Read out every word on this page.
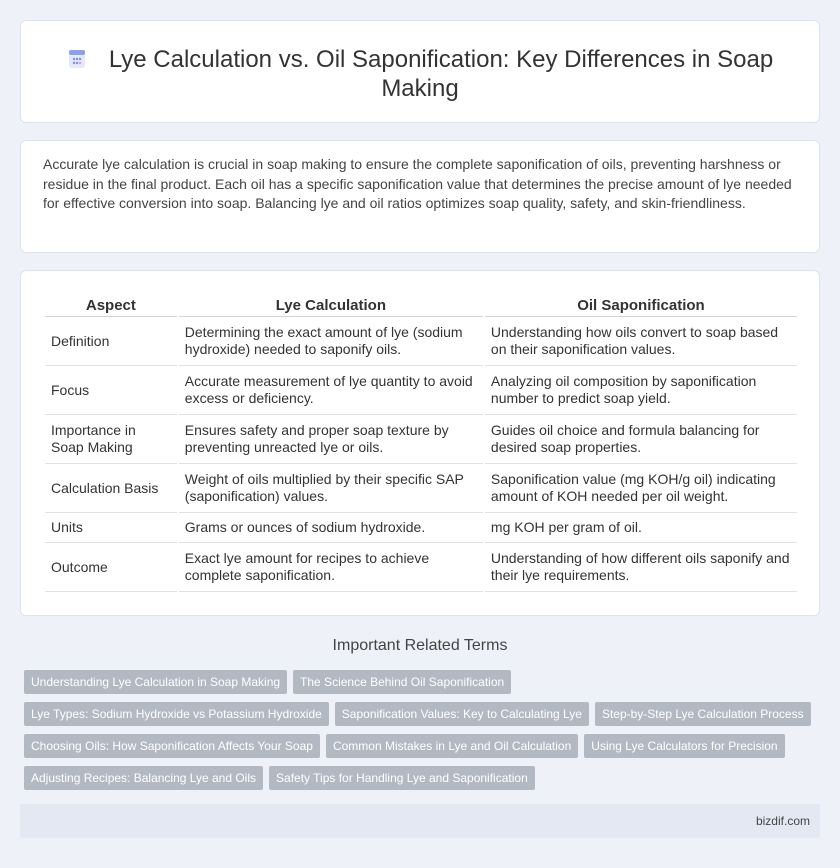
Lye Calculation vs. Oil Saponification: Key Differences in Soap Making

Accurate lye calculation is crucial in soap making to ensure the complete saponification of oils, preventing harshness or residue in the final product. Each oil has a specific saponification value that determines the precise amount of lye needed for effective conversion into soap. Balancing lye and oil ratios optimizes soap quality, safety, and skin-friendliness.

Aspect	Lye Calculation	Oil Saponification
Definition	Determining the exact amount of lye (sodium hydroxide) needed to saponify oils.	Understanding how oils convert to soap based on their saponification values.
Focus	Accurate measurement of lye quantity to avoid excess or deficiency.	Analyzing oil composition by saponification number to predict soap yield.
Importance in Soap Making	Ensures safety and proper soap texture by preventing unreacted lye or oils.	Guides oil choice and formula balancing for desired soap properties.
Calculation Basis	Weight of oils multiplied by their specific SAP (saponification) values.	Saponification value (mg KOH/g oil) indicating amount of KOH needed per oil weight.
Units	Grams or ounces of sodium hydroxide.	mg KOH per gram of oil.
Outcome	Exact lye amount for recipes to achieve complete saponification.	Understanding of how different oils saponify and their lye requirements.
Important Related Terms
Understanding Lye Calculation in Soap Making The Science Behind Oil Saponification
Lye Types: Sodium Hydroxide vs Potassium Hydroxide Saponification Values: Key to Calculating Lye Step-by-Step Lye Calculation Process
Choosing Oils: How Saponification Affects Your Soap Common Mistakes in Lye and Oil Calculation Using Lye Calculators for Precision
Adjusting Recipes: Balancing Lye and Oils Safety Tips for Handling Lye and Saponification
bizdif.com
